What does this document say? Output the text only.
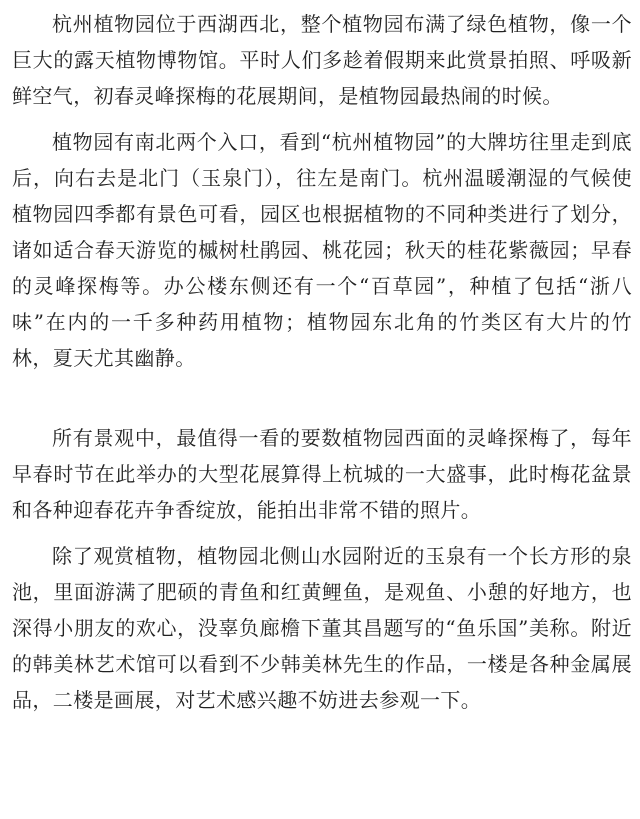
杭州植物园位于西湖西北，整个植物园布满了绿色植物，像一个巨大的露天植物博物馆。平时人们多趁着假期来此赏景拍照、呼吸新鲜空气，初春灵峰探梅的花展期间，是植物园最热闹的时候。

植物园有南北两个入口，看到“杭州植物园”的大牌坊往里走到底后，向右去是北门（玉泉门），往左是南门。杭州温暖潮湿的气候使植物园四季都有景色可看，园区也根据植物的不同种类进行了划分，诸如适合春天游览的槭树杜鹃园、桃花园；秋天的桂花紫薇园；早春的灵峰探梅等。办公楼东侧还有一个“百草园”，种植了包括“浙八味”在内的一千多种药用植物；植物园东北角的竹类区有大片的竹林，夏天尤其幽静。

所有景观中，最值得一看的要数植物园西面的灵峰探梅了，每年早春时节在此举办的大型花展算得上杭城的一大盛事，此时梅花盆景和各种迎春花卉争香绽放，能拍出非常不错的照片。

除了观赏植物，植物园北侧山水园附近的玉泉有一个长方形的泉池，里面游满了肥硕的青鱼和红黄鲤鱼，是观鱼、小憩的好地方，也深得小朋友的欢心，没辜负廊檐下董其昌题写的“鱼乐国”美称。附近的韩美林艺术馆可以看到不少韩美林先生的作品，一楼是各种金属展品，二楼是画展，对艺术感兴趣不妨进去参观一下。
